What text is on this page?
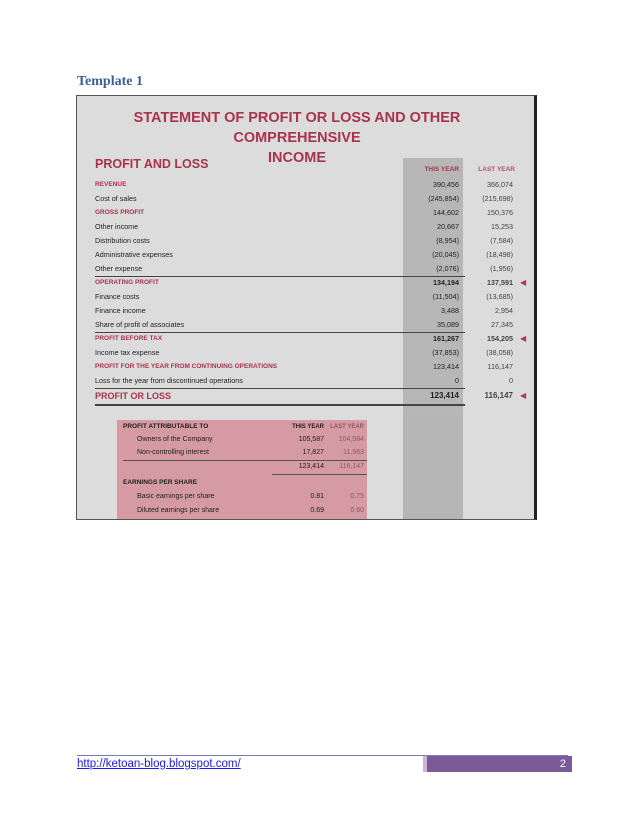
Template 1
STATEMENT OF PROFIT OR LOSS AND OTHER COMPREHENSIVE
INCOME
PROFIT AND LOSS	THIS YEAR	LAST YEAR
REVENUE	390,456	366,074
Cost of sales	(245,854)	(215,698)
GROSS PROFIT	144,602	150,376
Other income	20,667	15,253
Distribution costs	(8,954)	(7,584)
Administrative expenses	(20,045)	(18,498)
Other expense	(2,076)	(1,956)
OPERATING PROFIT	134,194	137,591 ◀
Finance costs	(11,504)	(13,685)
Finance income	3,488	2,954
Share of profit of associates	35,089	27,345
PROFIT BEFORE TAX	161,267	154,205 ◀
Income tax expense	(37,853)	(38,058)
PROFIT FOR THE YEAR FROM CONTINUING OPERATIONS	123,414	116,147
Loss for the year from discontinued operations	0	0
PROFIT OR LOSS	123,414	116,147 ◀
PROFIT ATTRIBUTABLE TO	THIS YEAR	LAST YEAR
Owners of the Company	105,587	104,584
Non-controlling interest	17,827	11,563
123,414	116,147
EARNINGS PER SHARE
Basic earnings per share	0.81	0.75
Diluted earnings per share	0.69	0.60
http://ketoan-blog.blogspot.com/	2
